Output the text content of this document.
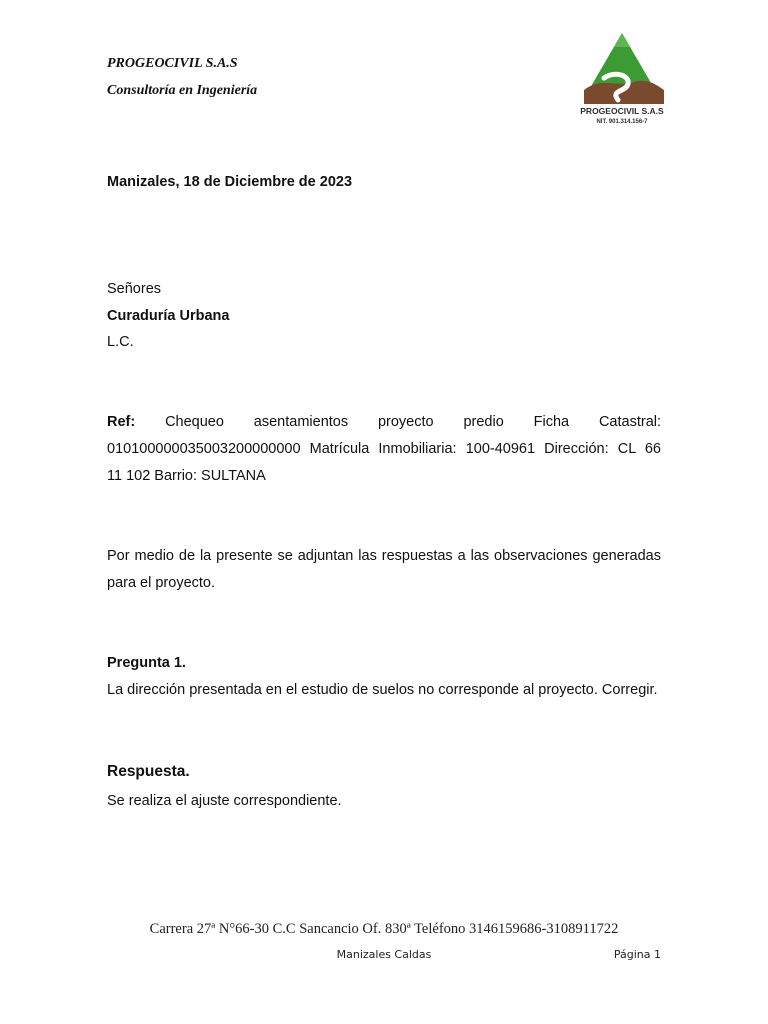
PROGEOCIVIL S.A.S
Consultoría en Ingeniería
PROGEOCIVIL S.A.S
NIT. 901.314.156-7
Manizales, 18 de Diciembre de 2023
Señores
Curaduría Urbana
L.C.
Ref: Chequeo asentamientos proyecto predio Ficha Catastral:
010100000035003200000000 Matrícula Inmobiliaria: 100-40961 Dirección: CL 66
11 102 Barrio: SULTANA
Por medio de la presente se adjuntan las respuestas a las observaciones generadas para el proyecto.
Pregunta 1.
La dirección presentada en el estudio de suelos no corresponde al proyecto. Corregir.
Respuesta.
Se realiza el ajuste correspondiente.
Carrera 27ª N°66-30 C.C Sancancio Of. 830ª Teléfono 3146159686-3108911722
Manizales Caldas	Página 1
